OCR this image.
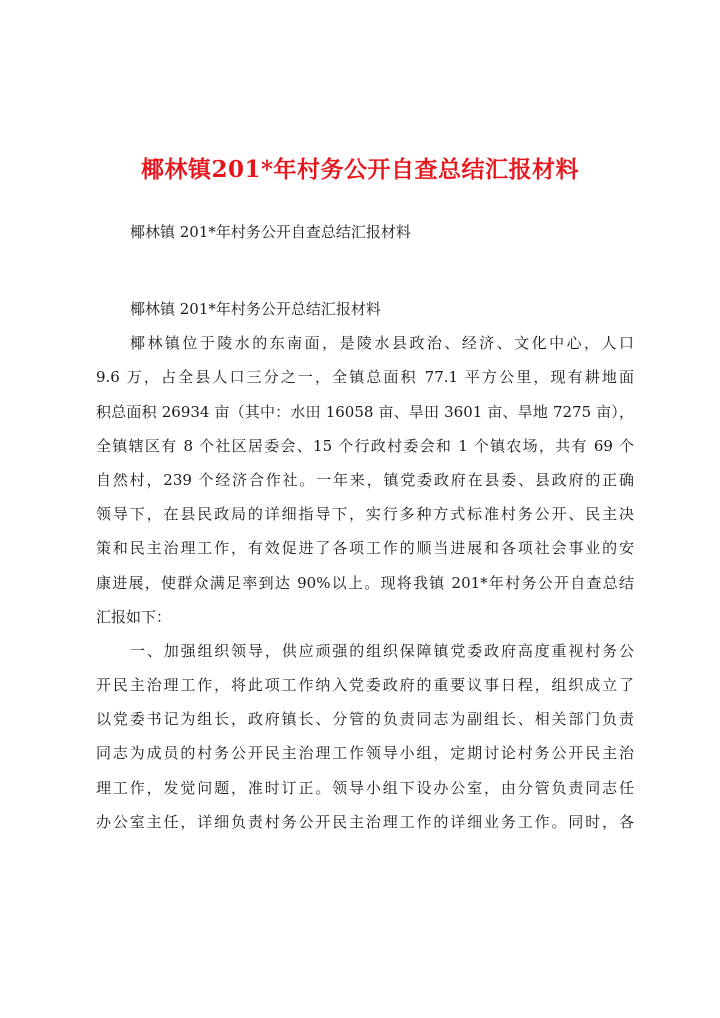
椰林镇201*年村务公开自查总结汇报材料
椰林镇 201*年村务公开自查总结汇报材料
椰林镇 201*年村务公开总结汇报材料
椰林镇位于陵水的东南面，是陵水县政治、经济、文化中心，人口
9.6 万，占全县人口三分之一，全镇总面积 77.1 平方公里，现有耕地面
积总面积 26934 亩（其中：水田 16058 亩、旱田 3601 亩、旱地 7275 亩），
全镇辖区有 8 个社区居委会、15 个行政村委会和 1 个镇农场，共有 69 个
自然村，239 个经济合作社。一年来，镇党委政府在县委、县政府的正确
领导下，在县民政局的详细指导下，实行多种方式标准村务公开、民主决
策和民主治理工作，有效促进了各项工作的顺当进展和各项社会事业的安
康进展，使群众满足率到达 90%以上。现将我镇 201*年村务公开自查总结
汇报如下：
一、加强组织领导，供应顽强的组织保障镇党委政府高度重视村务公
开民主治理工作，将此项工作纳入党委政府的重要议事日程，组织成立了
以党委书记为组长，政府镇长、分管的负责同志为副组长、相关部门负责
同志为成员的村务公开民主治理工作领导小组，定期讨论村务公开民主治
理工作，发觉问题，准时订正。领导小组下设办公室，由分管负责同志任
办公室主任，详细负责村务公开民主治理工作的详细业务工作。同时，各
